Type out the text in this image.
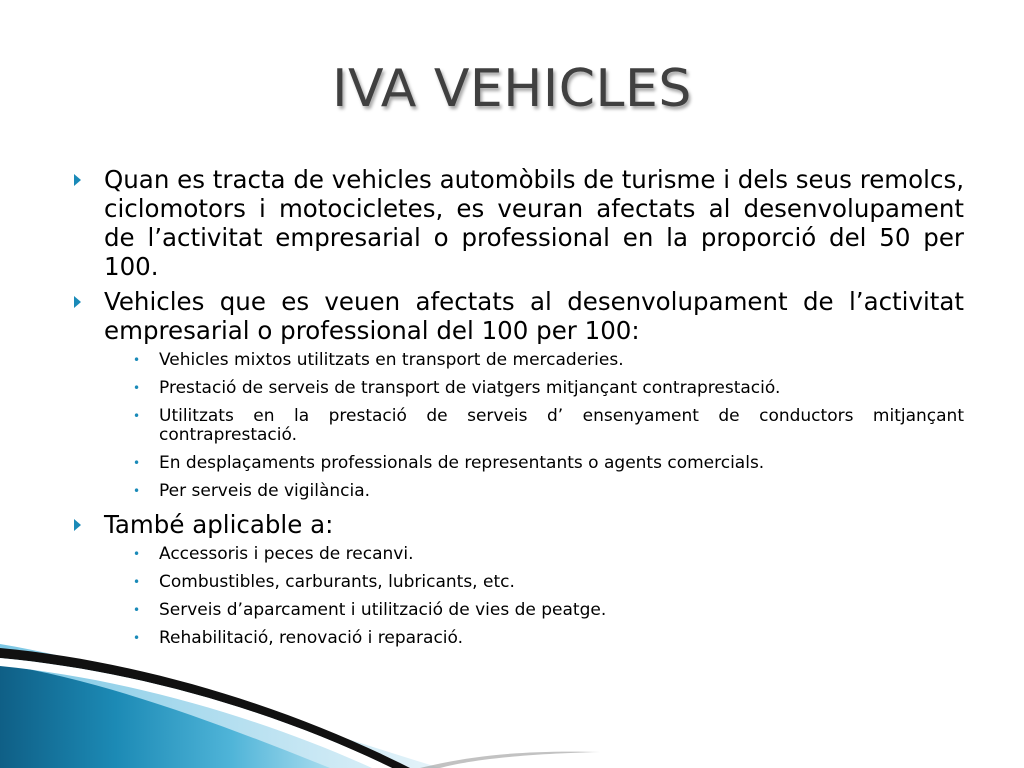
IVA VEHICLES
Quan es tracta de vehicles automòbils de turisme i dels seus remolcs, ciclomotors i motocicletes, es veuran afectats al desenvolupament de l’activitat empresarial o professional en la proporció del 50 per 100.
Vehicles que es veuen afectats al desenvolupament de l’activitat empresarial o professional del 100 per 100:
• Vehicles mixtos utilitzats en transport de mercaderies.
• Prestació de serveis de transport de viatgers mitjançant contraprestació.
• Utilitzats en la prestació de serveis d’ ensenyament de conductors mitjançant contraprestació.
• En desplaçaments professionals de representants o agents comercials.
• Per serveis de vigilància.
També aplicable a:
• Accessoris i peces de recanvi.
• Combustibles, carburants, lubricants, etc.
• Serveis d’aparcament i utilització de vies de peatge.
• Rehabilitació, renovació i reparació.
